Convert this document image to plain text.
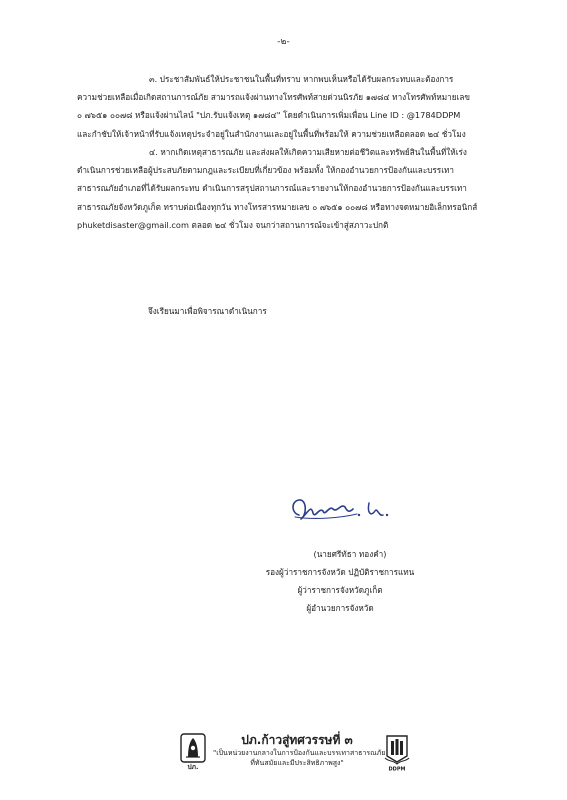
-๒-
๓. ประชาสัมพันธ์ให้ประชาชนในพื้นที่ทราบ หากพบเห็นหรือได้รับผลกระทบและต้องการ
ความช่วยเหลือเมื่อเกิดสถานการณ์ภัย สามารถแจ้งผ่านทางโทรศัพท์สายด่วนนิรภัย ๑๗๘๔ ทางโทรศัพท์หมายเลข
๐ ๗๖๕๑ ๐๐๗๘ หรือแจ้งผ่านไลน์ "ปภ.รับแจ้งเหตุ ๑๗๘๔" โดยดำเนินการเพิ่มเพื่อน Line ID : @1784DDPM
และกำชับให้เจ้าหน้าที่รับแจ้งเหตุประจำอยู่ในสำนักงานและอยู่ในพื้นที่พร้อมให้ ความช่วยเหลือตลอด ๒๔ ชั่วโมง
๔. หากเกิดเหตุสาธารณภัย และส่งผลให้เกิดความเสียหายต่อชีวิตและทรัพย์สินในพื้นที่ให้เร่ง
ดำเนินการช่วยเหลือผู้ประสบภัยตามกฎและระเบียบที่เกี่ยวข้อง พร้อมทั้ง ให้กองอำนวยการป้องกันและบรรเทา
สาธารณภัยอำเภอที่ได้รับผลกระทบ ดำเนินการสรุปสถานการณ์และรายงานให้กองอำนวยการป้องกันและบรรเทา
สาธารณภัยจังหวัดภูเก็ต ทราบต่อเนื่องทุกวัน ทางโทรสารหมายเลข ๐ ๗๖๕๑ ๐๐๗๘ หรือทางจดหมายอิเล็กทรอนิกส์
phuketdisaster@gmail.com ตลอด ๒๔ ชั่วโมง จนกว่าสถานการณ์จะเข้าสู่สภาวะปกติ
จึงเรียนมาเพื่อพิจารณาดำเนินการ
(นายศรีทัธา ทองคำ)
รองผู้ว่าราชการจังหวัด ปฏิบัติราชการแทน
ผู้ว่าราชการจังหวัดภูเก็ต
ผู้อำนวยการจังหวัด
ปภ.
ปภ.ก้าวสู่ทศวรรษที่ ๓
"เป็นหน่วยงานกลางในการป้องกันและบรรเทาสาธารณภัย
ที่ทันสมัยและมีประสิทธิภาพสูง"
DDPM
